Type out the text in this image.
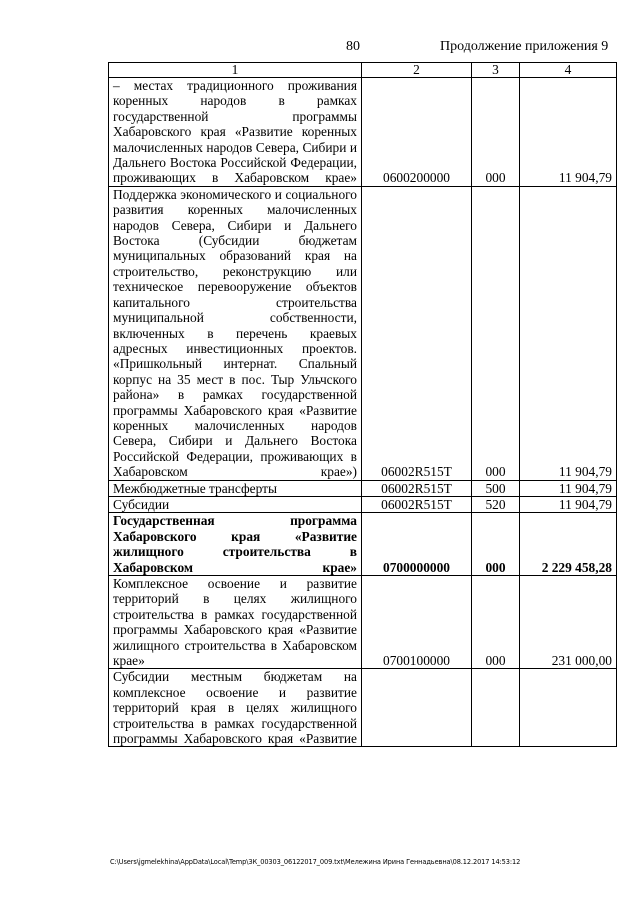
80	Продолжение приложения 9
1	2	3	4
– местах традиционного проживания коренных народов в рамках государственной программы Хабаровского края «Развитие коренных малочисленных народов Севера, Сибири и Дальнего Востока Российской Федерации, проживающих в Хабаровском крае»	0600200000	000	11 904,79
Поддержка экономического и социального развития коренных малочисленных народов Севера, Сибири и Дальнего Востока (Субсидии бюджетам муниципальных образований края на строительство, реконструкцию или техническое перевооружение объектов капитального строительства муниципальной собственности, включенных в перечень краевых адресных инвестиционных проектов. «Пришкольный интернат. Спальный корпус на 35 мест в пос. Тыр Ульчского района» в рамках государственной программы Хабаровского края «Развитие коренных малочисленных народов Севера, Сибири и Дальнего Востока Российской Федерации, проживающих в Хабаровском крае»)	06002R515T	000	11 904,79
Межбюджетные трансферты	06002R515T	500	11 904,79
Субсидии	06002R515T	520	11 904,79
Государственная программа Хабаровского края «Развитие жилищного строительства в Хабаровском крае»	0700000000	000	2 229 458,28
Комплексное освоение и развитие территорий в целях жилищного строительства в рамках государственной программы Хабаровского края «Развитие жилищного строительства в Хабаровском крае»	0700100000	000	231 000,00
Субсидии местным бюджетам на комплексное освоение и развитие территорий края в целях жилищного строительства в рамках государственной программы Хабаровского края «Развитие			
C:\Users\jgmelekhina\AppData\Local\Temp\ЗК_00303_06122017_009.txt\Мележина Ирина Геннадьевна\08.12.2017 14:53:12
